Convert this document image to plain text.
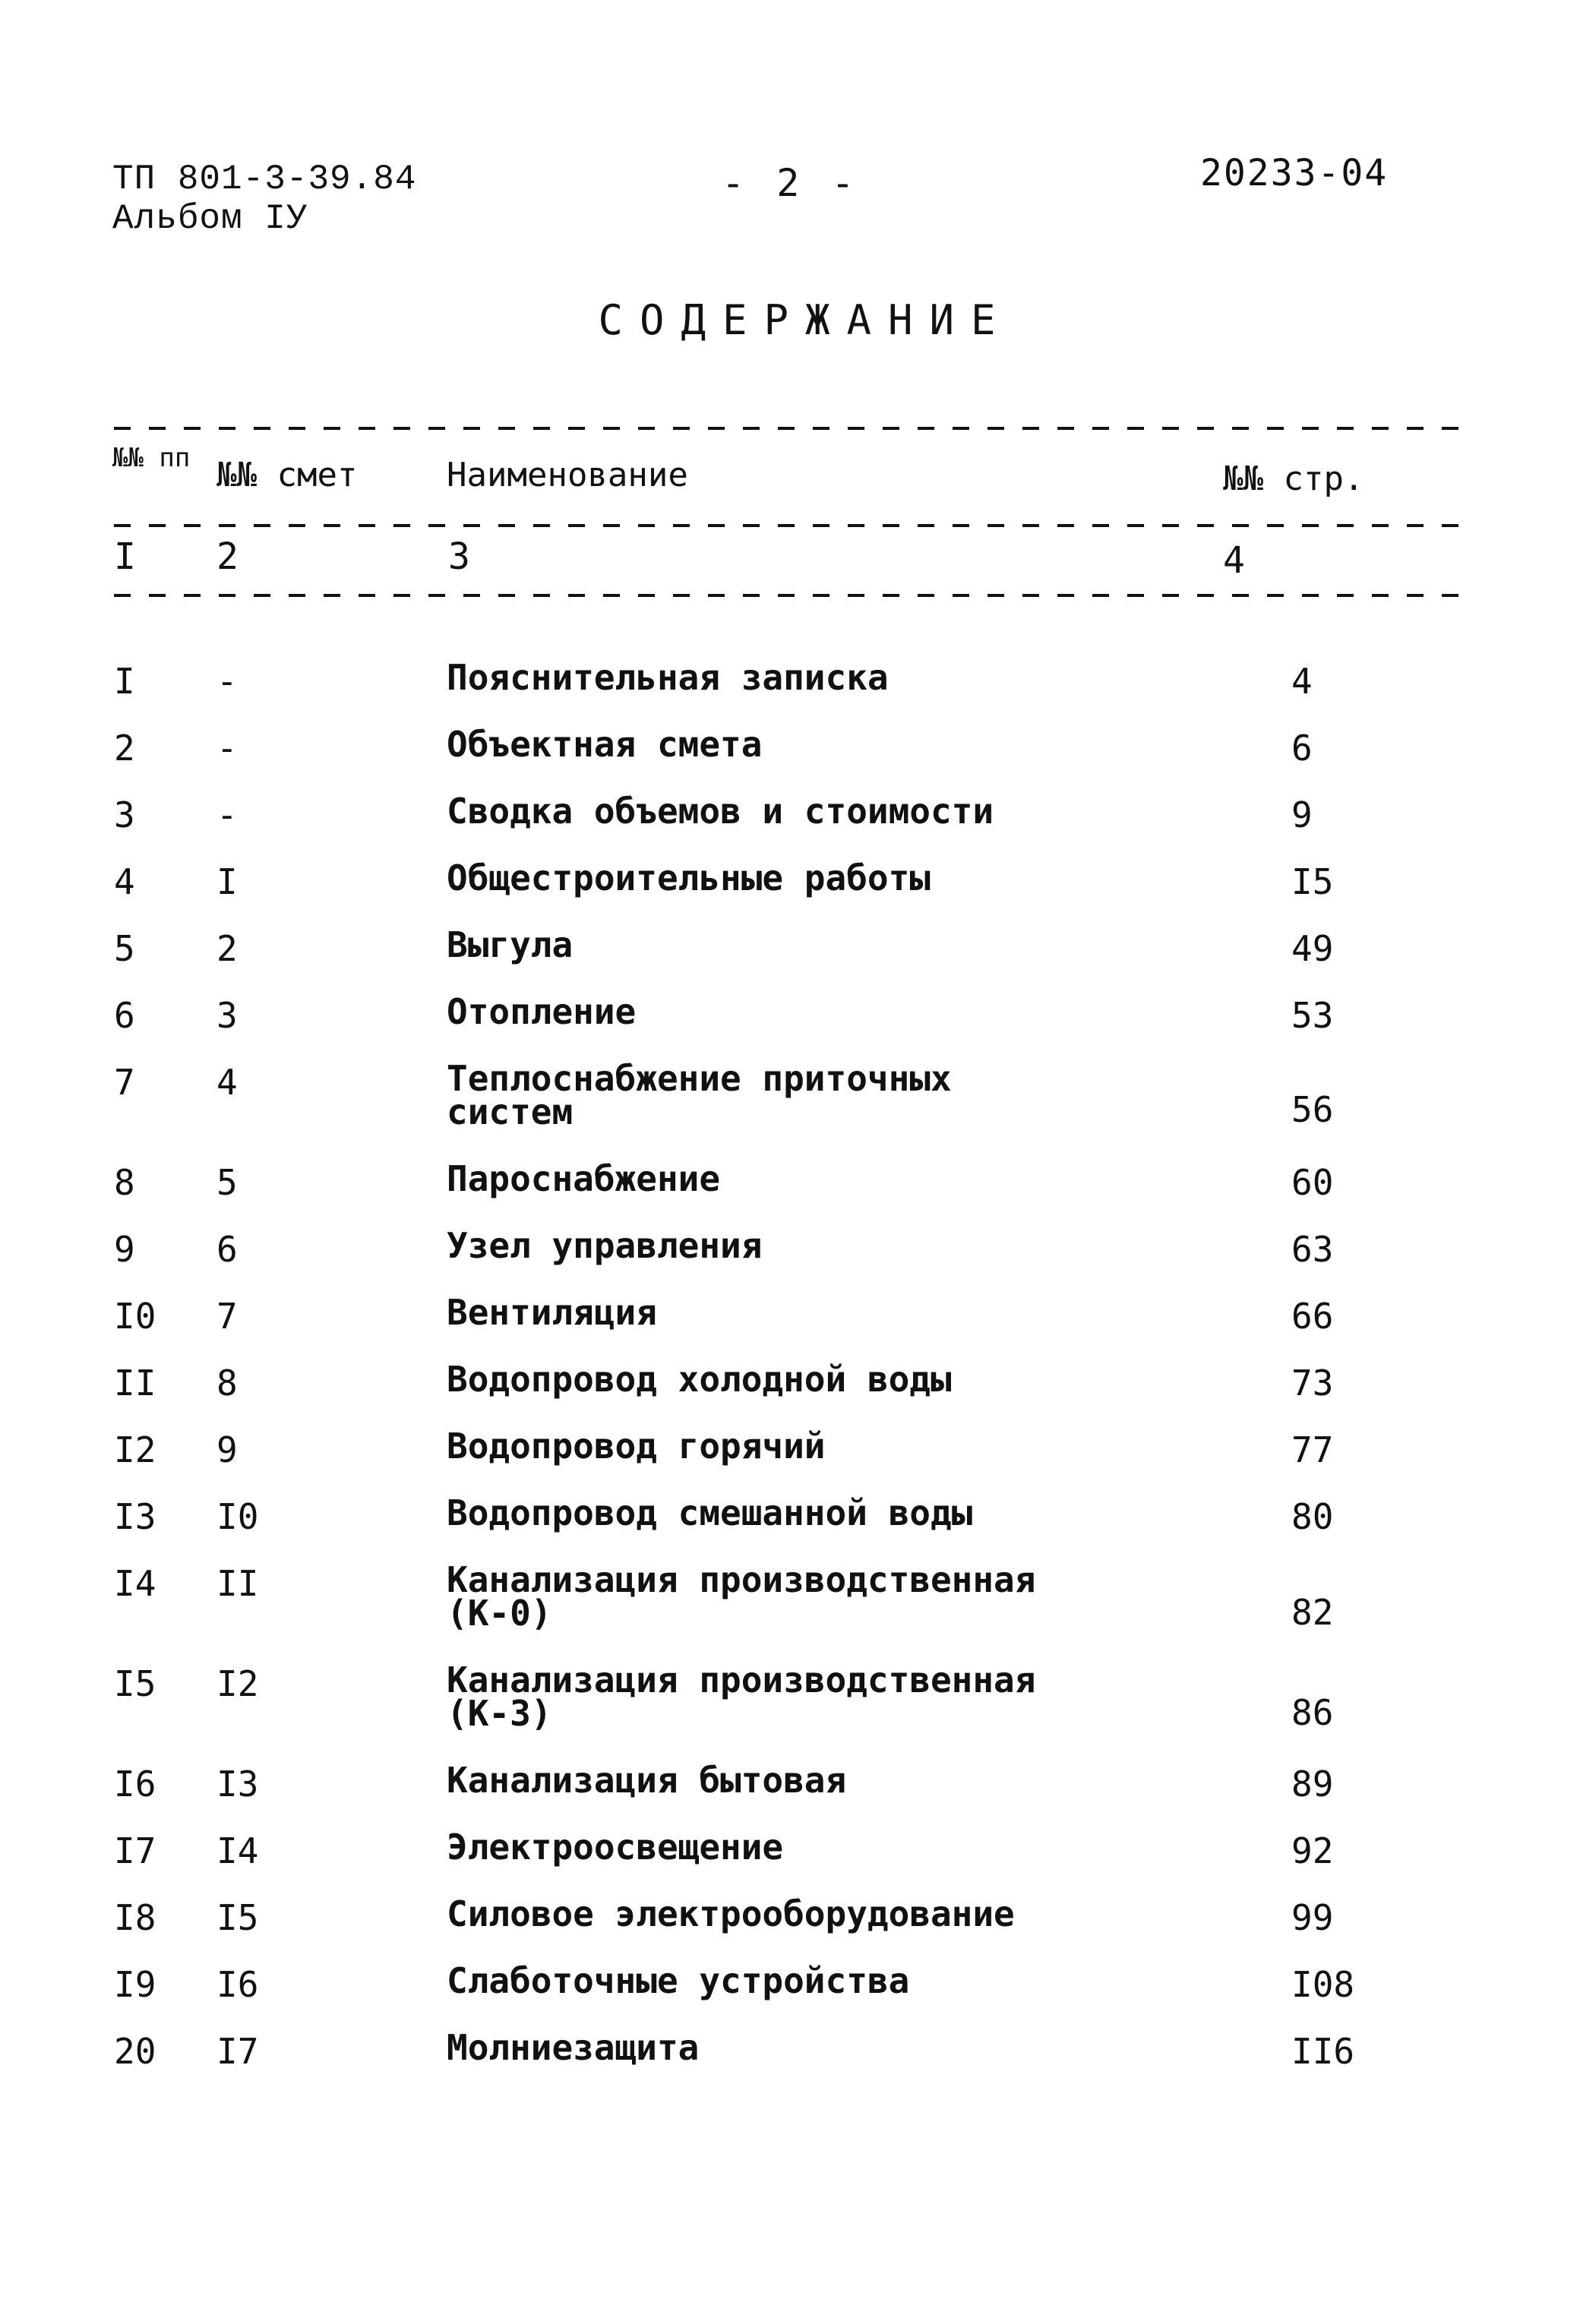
ТП 801-3-39.84
Альбом IУ
- 2 -	20233-04
СОДЕРЖАНИЕ
№№ пп №№ смет	Наименование	№№ стр.
I 2	3	4
I -	Пояснительная записка	4
2 -	Объектная смета	6
3 -	Сводка объемов и стоимости	9
4 I	Общестроительные работы	I5
5 2	Выгула	49
6 3	Отопление	53
7 4	Теплоснабжение приточных систем	56
8 5	Пароснабжение	60
9 6	Узел управления	63
I0 7	Вентиляция	66
II 8	Водопровод холодной воды	73
I2 9	Водопровод горячий	77
I3 I0	Водопровод смешанной воды	80
I4 II	Канализация производственная (К-0)	82
I5 I2	Канализация производственная (К-3)	86
I6 I3	Канализация бытовая	89
I7 I4	Электроосвещение	92
I8 I5	Силовое электрооборудование	99
I9 I6	Слаботочные устройства	I08
20 I7	Молниезащита	II6
